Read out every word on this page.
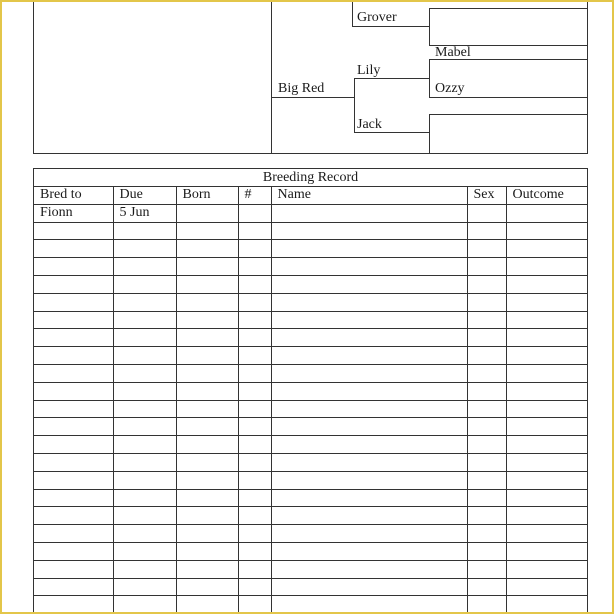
Big Red
Lily
Mabel
Ozzy
Jack
Grover
Breeding Record
Bred to	Due	Born	#	Name	Sex	Outcome
Fionn	5 Jun					
